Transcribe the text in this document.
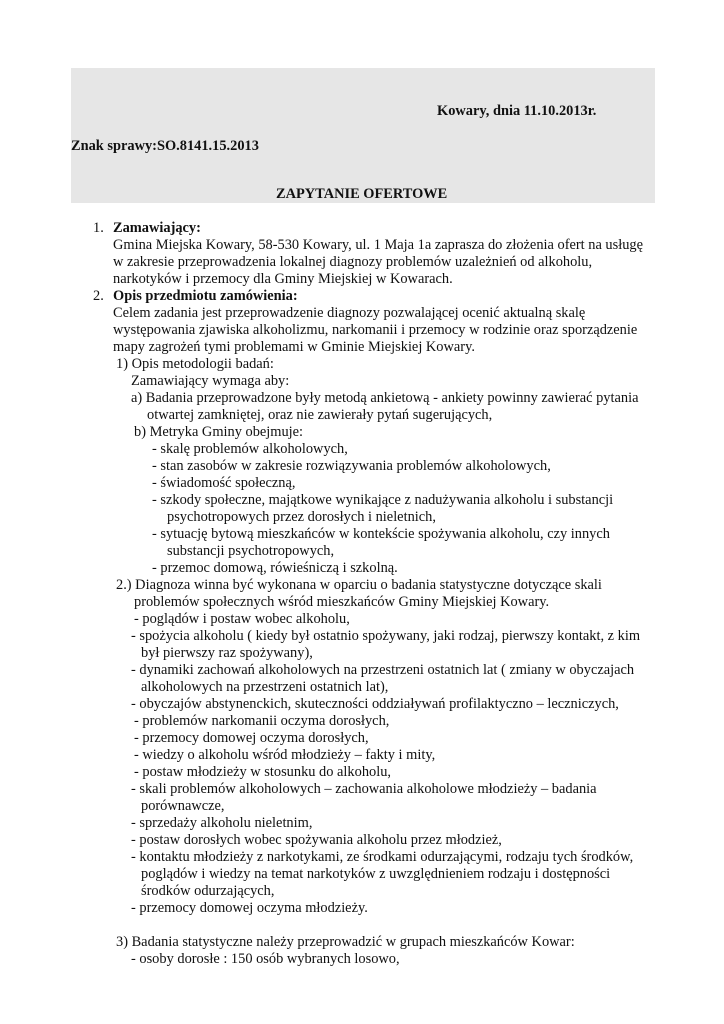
Kowary, dnia 11.10.2013r.
Znak sprawy:SO.8141.15.2013
ZAPYTANIE OFERTOWE
1. Zamawiający:
Gmina Miejska Kowary, 58-530 Kowary, ul. 1 Maja 1a zaprasza do złożenia ofert na usługę
w zakresie przeprowadzenia lokalnej diagnozy problemów uzależnień od alkoholu,
narkotyków i przemocy dla Gminy Miejskiej w Kowarach.
2. Opis przedmiotu zamówienia:
Celem zadania jest przeprowadzenie diagnozy pozwalającej ocenić aktualną skalę
występowania zjawiska alkoholizmu, narkomanii i przemocy w rodzinie oraz sporządzenie
mapy zagrożeń tymi problemami w Gminie Miejskiej Kowary.
1) Opis metodologii badań:
Zamawiający wymaga aby:
a) Badania przeprowadzone były metodą ankietową - ankiety powinny zawierać pytania
otwartej zamkniętej, oraz nie zawierały pytań sugerujących,
b) Metryka Gminy obejmuje:
- skalę problemów alkoholowych,
- stan zasobów w zakresie rozwiązywania problemów alkoholowych,
- świadomość społeczną,
- szkody społeczne, majątkowe wynikające z nadużywania alkoholu i substancji
psychotropowych przez dorosłych i nieletnich,
- sytuację bytową mieszkańców w kontekście spożywania alkoholu, czy innych
substancji psychotropowych,
- przemoc domową, rówieśniczą i szkolną.
2.) Diagnoza winna być wykonana w oparciu o badania statystyczne dotyczące skali
problemów społecznych wśród mieszkańców Gminy Miejskiej Kowary.
- poglądów i postaw wobec alkoholu,
- spożycia alkoholu ( kiedy był ostatnio spożywany, jaki rodzaj, pierwszy kontakt, z kim
był pierwszy raz spożywany),
- dynamiki zachowań alkoholowych na przestrzeni ostatnich lat ( zmiany w obyczajach
alkoholowych na przestrzeni ostatnich lat),
- obyczajów abstynenckich, skuteczności oddziaływań profilaktyczno – leczniczych,
- problemów narkomanii oczyma dorosłych,
- przemocy domowej oczyma dorosłych,
- wiedzy o alkoholu wśród młodzieży – fakty i mity,
- postaw młodzieży w stosunku do alkoholu,
- skali problemów alkoholowych – zachowania alkoholowe młodzieży – badania
porównawcze,
- sprzedaży alkoholu nieletnim,
- postaw dorosłych wobec spożywania alkoholu przez młodzież,
- kontaktu młodzieży z narkotykami, ze środkami odurzającymi, rodzaju tych środków,
poglądów i wiedzy na temat narkotyków z uwzględnieniem rodzaju i dostępności
środków odurzających,
- przemocy domowej oczyma młodzieży.
3) Badania statystyczne należy przeprowadzić w grupach mieszkańców Kowar:
- osoby dorosłe : 150 osób wybranych losowo,
